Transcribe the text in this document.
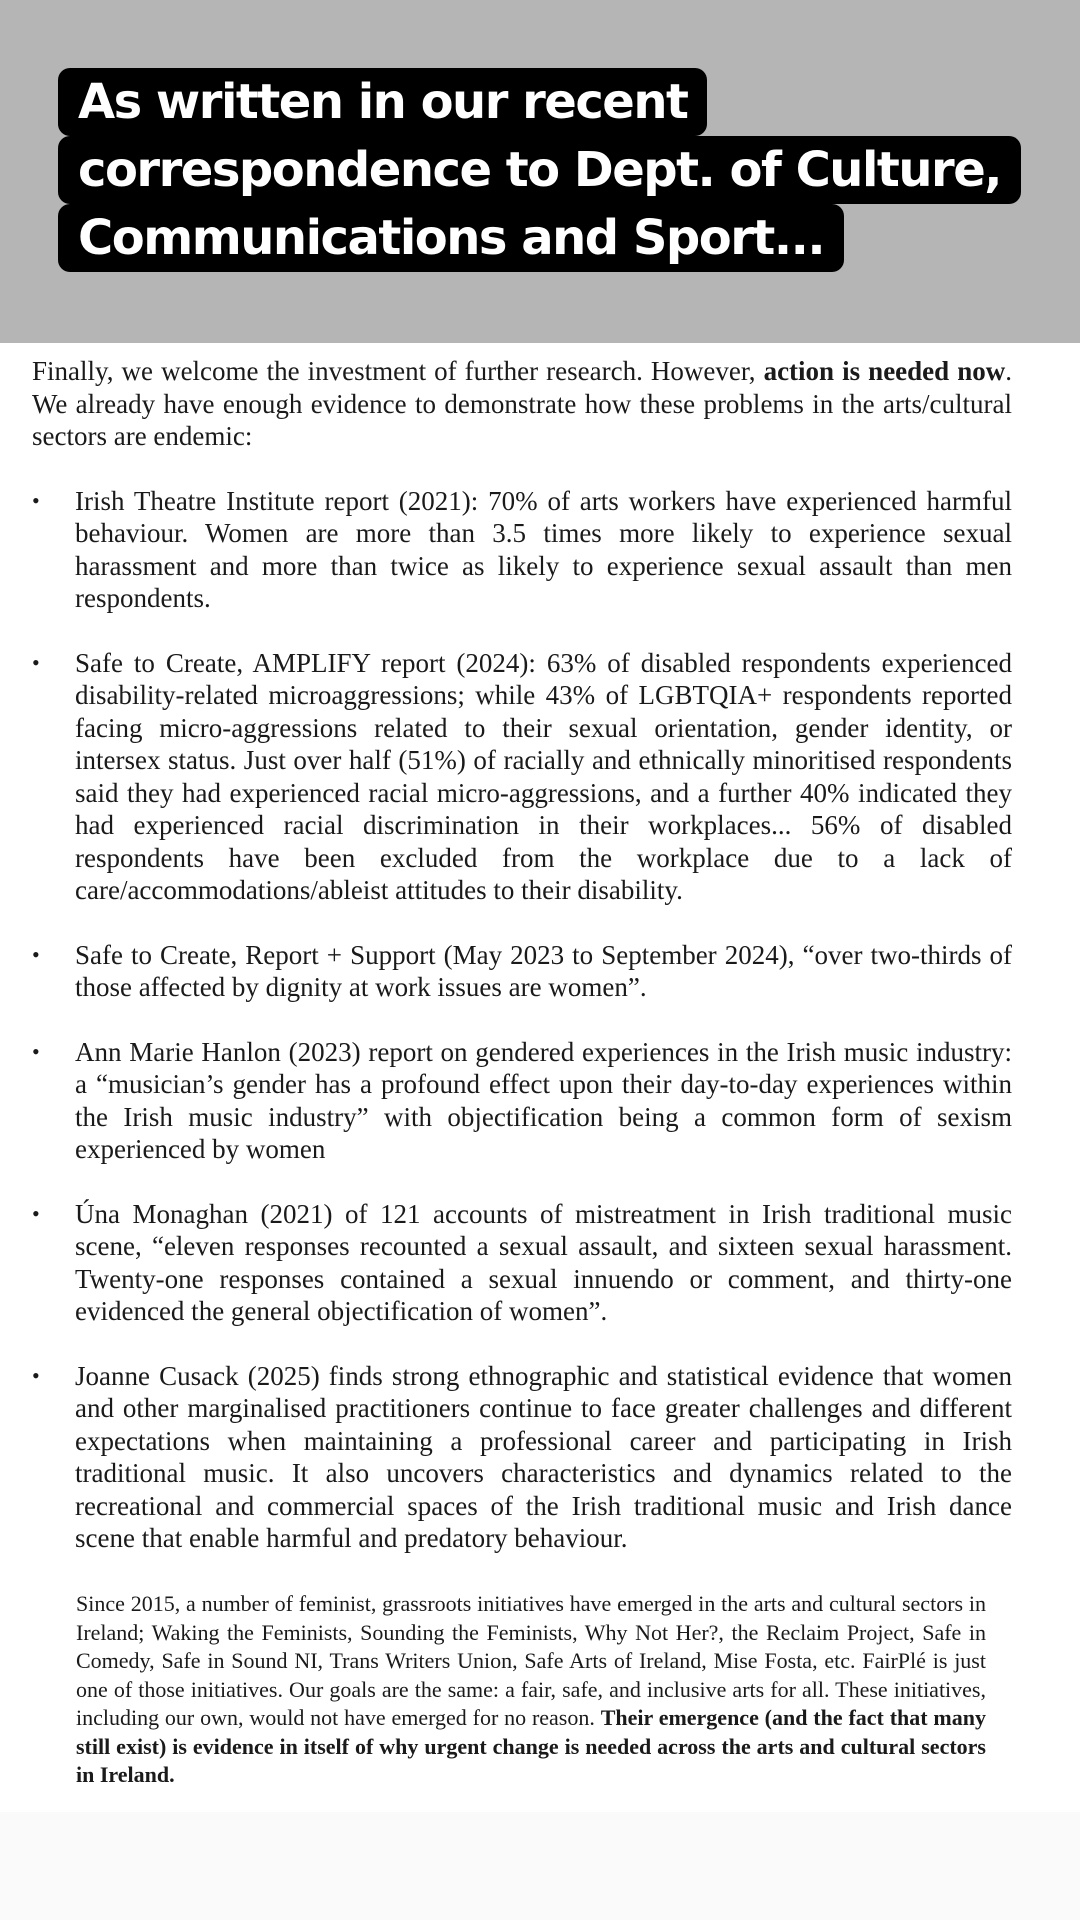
As written in our recent
correspondence to Dept. of Culture,
Communications and Sport...

Finally, we welcome the investment of further research. However, action is needed now. We already have enough evidence to demonstrate how these problems in the arts/cultural sectors are endemic:

• Irish Theatre Institute report (2021): 70% of arts workers have experienced harmful behaviour. Women are more than 3.5 times more likely to experience sexual harassment and more than twice as likely to experience sexual assault than men respondents.
• Safe to Create, AMPLIFY report (2024): 63% of disabled respondents experienced disability-related microaggressions; while 43% of LGBTQIA+ respondents reported facing micro-aggressions related to their sexual orientation, gender identity, or intersex status. Just over half (51%) of racially and ethnically minoritised respondents said they had experienced racial micro-aggressions, and a further 40% indicated they had experienced racial discrimination in their workplaces... 56% of disabled respondents have been excluded from the workplace due to a lack of care/accommodations/ableist attitudes to their disability.
• Safe to Create, Report + Support (May 2023 to September 2024), “over two-thirds of those affected by dignity at work issues are women”.
• Ann Marie Hanlon (2023) report on gendered experiences in the Irish music industry: a “musician’s gender has a profound effect upon their day-to-day experiences within the Irish music industry” with objectification being a common form of sexism experienced by women
• Úna Monaghan (2021) of 121 accounts of mistreatment in Irish traditional music scene, “eleven responses recounted a sexual assault, and sixteen sexual harassment. Twenty-one responses contained a sexual innuendo or comment, and thirty-one evidenced the general objectification of women”.
• Joanne Cusack (2025) finds strong ethnographic and statistical evidence that women and other marginalised practitioners continue to face greater challenges and different expectations when maintaining a professional career and participating in Irish traditional music. It also uncovers characteristics and dynamics related to the recreational and commercial spaces of the Irish traditional music and Irish dance scene that enable harmful and predatory behaviour.
Since 2015, a number of feminist, grassroots initiatives have emerged in the arts and cultural sectors in Ireland; Waking the Feminists, Sounding the Feminists, Why Not Her?, the Reclaim Project, Safe in Comedy, Safe in Sound NI, Trans Writers Union, Safe Arts of Ireland, Mise Fosta, etc. FairPlé is just one of those initiatives. Our goals are the same: a fair, safe, and inclusive arts for all. These initiatives, including our own, would not have emerged for no reason. Their emergence (and the fact that many still exist) is evidence in itself of why urgent change is needed across the arts and cultural sectors in Ireland.
